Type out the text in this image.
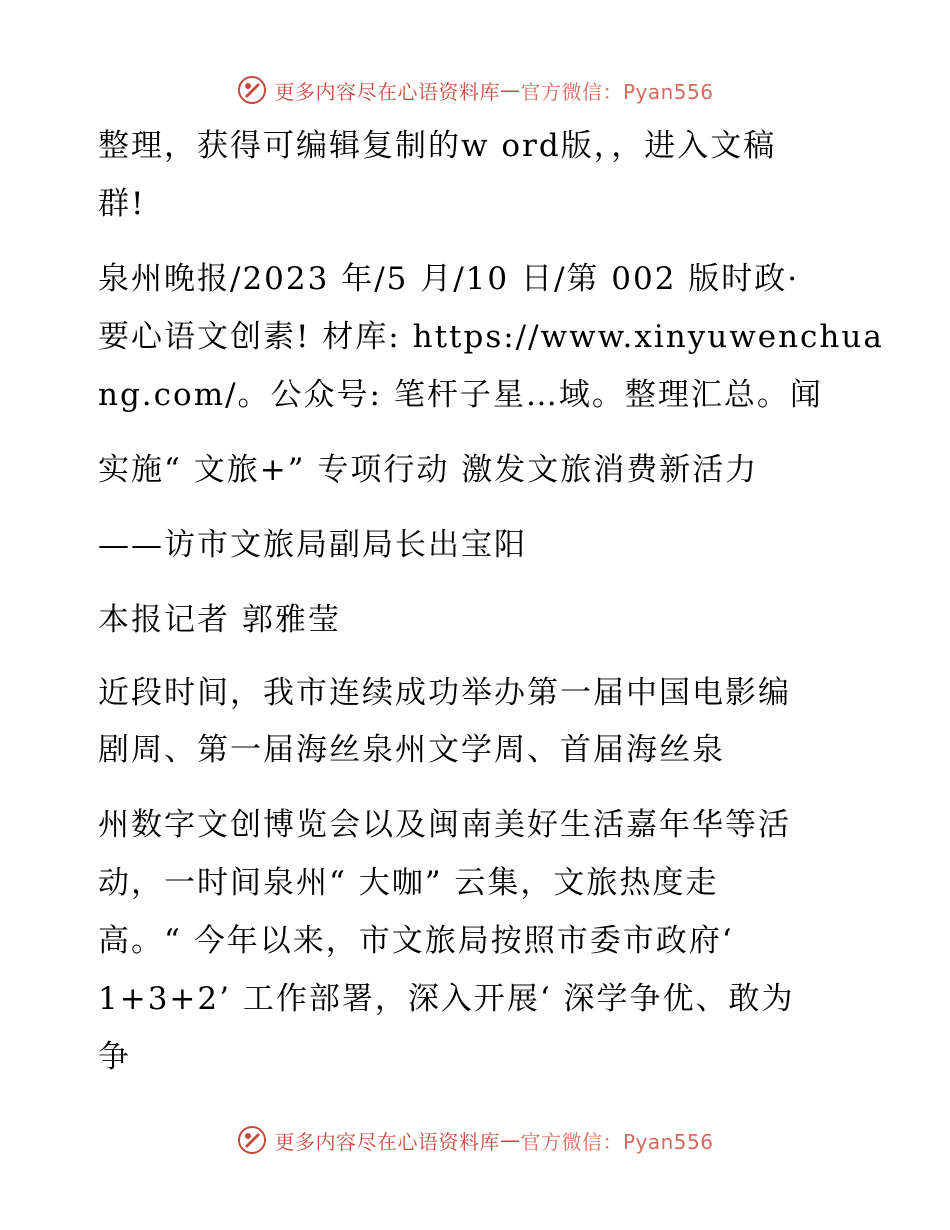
更多内容尽在心语资料库 — 官方微信：Pyan556
整理，获得可编辑复制的w ord版，，进入文稿
群!
泉州晚报/2023 年/5 月/10 日/第 002 版时政·
要心语文创素! 材库: https://www.xinyuwenchua
ng.com/。公众号: 笔杆子星…域。整理汇总。闻
实施“ 文旅+” 专项行动 激发文旅消费新活力
——访市文旅局副局长出宝阳
本报记者 郭雅莹
近段时间，我市连续成功举办第一届中国电影编
剧周、第一届海丝泉州文学周、首届海丝泉
州数字文创博览会以及闽南美好生活嘉年华等活
动，一时间泉州“ 大咖” 云集，文旅热度走
高。“ 今年以来，市文旅局按照市委市政府‘
1+3+2’ 工作部署，深入开展‘ 深学争优、敢为
争
更多内容尽在心语资料库 — 官方微信：Pyan556
